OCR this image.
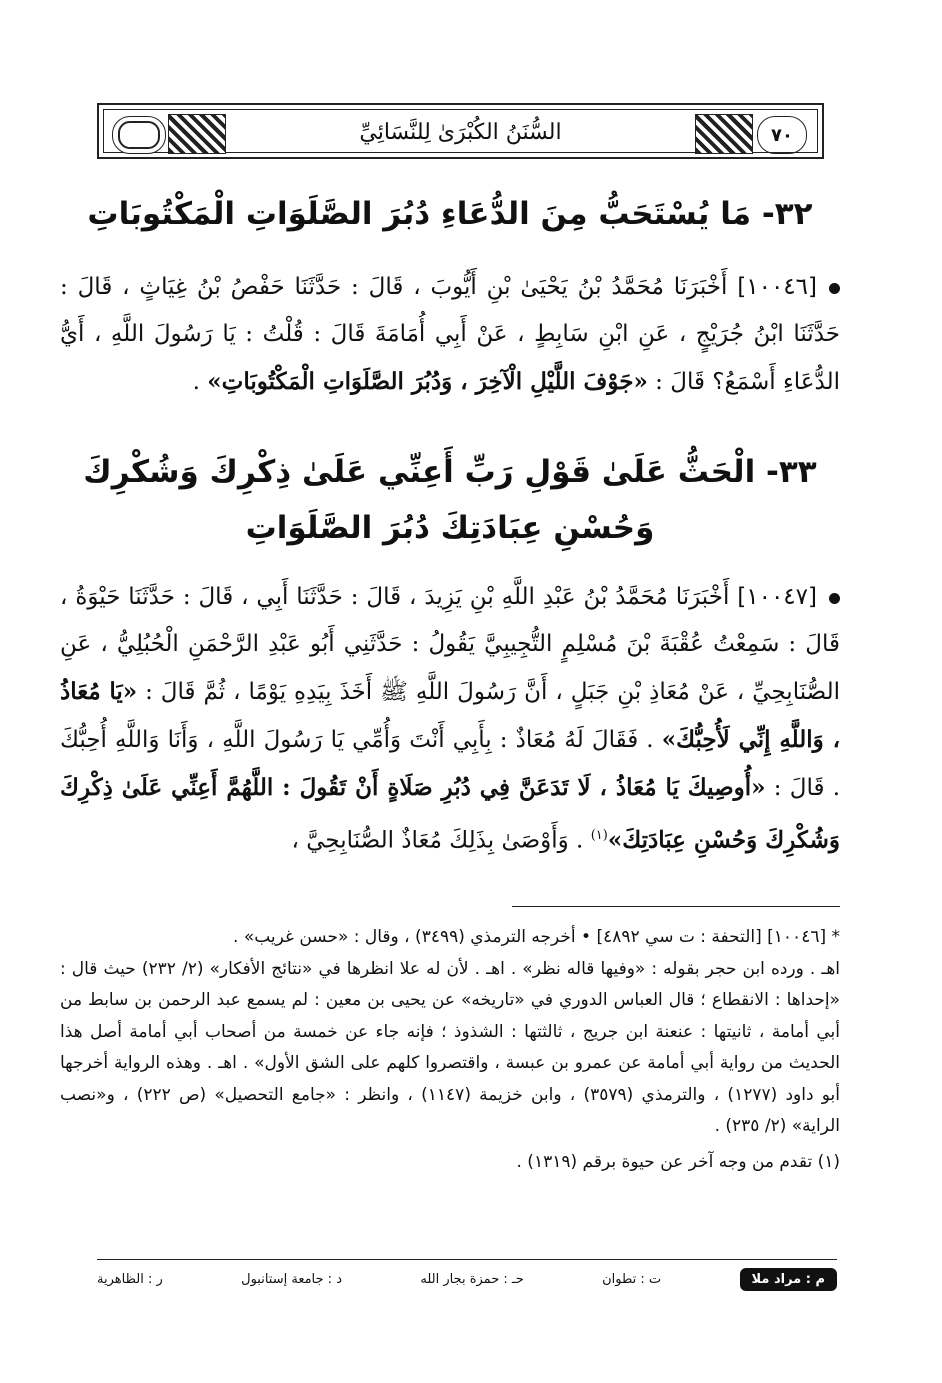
السُّنَنُ الكُبْرَىٰ لِلنَّسَائِيِّ	٧٠
٣٢- مَا يُسْتَحَبُّ مِنَ الدُّعَاءِ دُبُرَ الصَّلَوَاتِ الْمَكْتُوبَاتِ
[١٠٠٤٦] أَخْبَرَنَا مُحَمَّدُ بْنُ يَحْيَىٰ بْنِ أَيُّوبَ ، قَالَ : حَدَّثَنَا حَفْصُ بْنُ غِيَاثٍ ، قَالَ : حَدَّثَنَا ابْنُ جُرَيْجٍ ، عَنِ ابْنِ سَابِطٍ ، عَنْ أَبِي أُمَامَةَ قَالَ : قُلْتُ : يَا رَسُولَ اللَّهِ ، أَيُّ الدُّعَاءِ أَسْمَعُ؟ قَالَ : «جَوْفَ اللَّيْلِ الْآخِرَ ، وَدُبُرَ الصَّلَوَاتِ الْمَكْتُوبَاتِ» .
٣٣- الْحَثُّ عَلَىٰ قَوْلِ رَبِّ أَعِنِّي عَلَىٰ ذِكْرِكَ وَشُكْرِكَ
وَحُسْنِ عِبَادَتِكَ دُبُرَ الصَّلَوَاتِ
[١٠٠٤٧] أَخْبَرَنَا مُحَمَّدُ بْنُ عَبْدِ اللَّهِ بْنِ يَزِيدَ ، قَالَ : حَدَّثَنَا أَبِي ، قَالَ : حَدَّثَنَا حَيْوَةُ ، قَالَ : سَمِعْتُ عُقْبَةَ بْنَ مُسْلِمٍ التُّجِيبِيَّ يَقُولُ : حَدَّثَنِي أَبُو عَبْدِ الرَّحْمَنِ الْحُبُلِيُّ ، عَنِ الصُّنَابِحِيِّ ، عَنْ مُعَاذِ بْنِ جَبَلٍ ، أَنَّ رَسُولَ اللَّهِ ﷺ أَخَذَ بِيَدِهِ يَوْمًا ، ثُمَّ قَالَ : «يَا مُعَاذُ ، وَاللَّهِ إِنِّي لَأُحِبُّكَ» . فَقَالَ لَهُ مُعَاذٌ : بِأَبِي أَنْتَ وَأُمِّي يَا رَسُولَ اللَّهِ ، وَأَنَا وَاللَّهِ أُحِبُّكَ . قَالَ : «أُوصِيكَ يَا مُعَاذُ ، لَا تَدَعَنَّ فِي دُبُرِ صَلَاةٍ أَنْ تَقُولَ : اللَّهُمَّ أَعِنِّي عَلَىٰ ذِكْرِكَ وَشُكْرِكَ وَحُسْنِ عِبَادَتِكَ»$^{(١)}$ . وَأَوْصَىٰ بِذَلِكَ مُعَاذٌ الصُّنَابِحِيَّ ،
* [١٠٠٤٦] [التحفة : ت سي ٤٨٩٢] • أخرجه الترمذي (٣٤٩٩) ، وقال : «حسن غريب» .
اهـ . ورده ابن حجر بقوله : «وفيها قاله نظر» . اهـ . لأن له علا انظرها في «نتائج الأفكار» (٢/ ٢٣٢) حيث قال : «إحداها : الانقطاع ؛ قال العباس الدوري في «تاريخه» عن يحيى بن معين : لم يسمع عبد الرحمن بن سابط من أبي أمامة ، ثانيتها : عنعنة ابن جريج ، ثالثتها : الشذوذ ؛ فإنه جاء عن خمسة من أصحاب أبي أمامة أصل هذا الحديث من رواية أبي أمامة عن عمرو بن عبسة ، واقتصروا كلهم على الشق الأول» . اهـ . وهذه الرواية أخرجها أبو داود (١٢٧٧) ، والترمذي (٣٥٧٩) ، وابن خزيمة (١١٤٧) ، وانظر : «جامع التحصيل» (ص ٢٢٢) ، و«نصب الراية» (٢/ ٢٣٥) .
(١) تقدم من وجه آخر عن حيوة برقم (١٣١٩) .
م : مراد ملا
ت : تطوان
حـ : حمزة بجار الله
د : جامعة إستانبول
ر : الظاهرية
